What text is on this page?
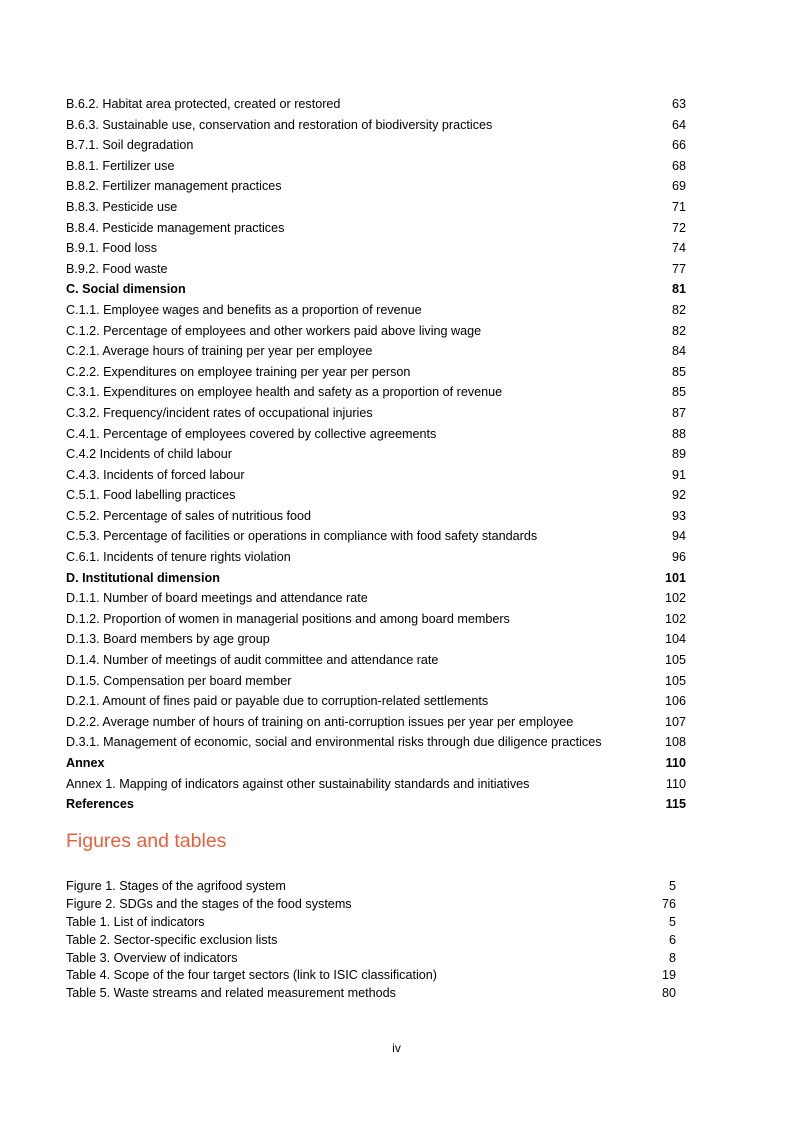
B.6.2. Habitat area protected, created or restored	63
B.6.3. Sustainable use, conservation and restoration of biodiversity practices	64
B.7.1. Soil degradation	66
B.8.1. Fertilizer use	68
B.8.2. Fertilizer management practices	69
B.8.3. Pesticide use	71
B.8.4. Pesticide management practices	72
B.9.1. Food loss	74
B.9.2. Food waste	77
C. Social dimension	81
C.1.1. Employee wages and benefits as a proportion of revenue	82
C.1.2. Percentage of employees and other workers paid above living wage	82
C.2.1. Average hours of training per year per employee	84
C.2.2. Expenditures on employee training per year per person	85
C.3.1. Expenditures on employee health and safety as a proportion of revenue	85
C.3.2. Frequency/incident rates of occupational injuries	87
C.4.1. Percentage of employees covered by collective agreements	88
C.4.2 Incidents of child labour	89
C.4.3. Incidents of forced labour	91
C.5.1. Food labelling practices	92
C.5.2. Percentage of sales of nutritious food	93
C.5.3. Percentage of facilities or operations in compliance with food safety standards	94
C.6.1. Incidents of tenure rights violation	96
D. Institutional dimension	101
D.1.1. Number of board meetings and attendance rate	102
D.1.2. Proportion of women in managerial positions and among board members	102
D.1.3. Board members by age group	104
D.1.4. Number of meetings of audit committee and attendance rate	105
D.1.5. Compensation per board member	105
D.2.1. Amount of fines paid or payable due to corruption-related settlements	106
D.2.2. Average number of hours of training on anti-corruption issues per year per employee	107
D.3.1. Management of economic, social and environmental risks through due diligence practices	108
Annex	110
Annex 1. Mapping of indicators against other sustainability standards and initiatives	110
References	115
Figures and tables
Figure 1. Stages of the agrifood system	5
Figure 2. SDGs and the stages of the food systems	76
Table 1. List of indicators	5
Table 2. Sector-specific exclusion lists	6
Table 3. Overview of indicators	8
Table 4. Scope of the four target sectors (link to ISIC classification)	19
Table 5. Waste streams and related measurement methods	80
iv
